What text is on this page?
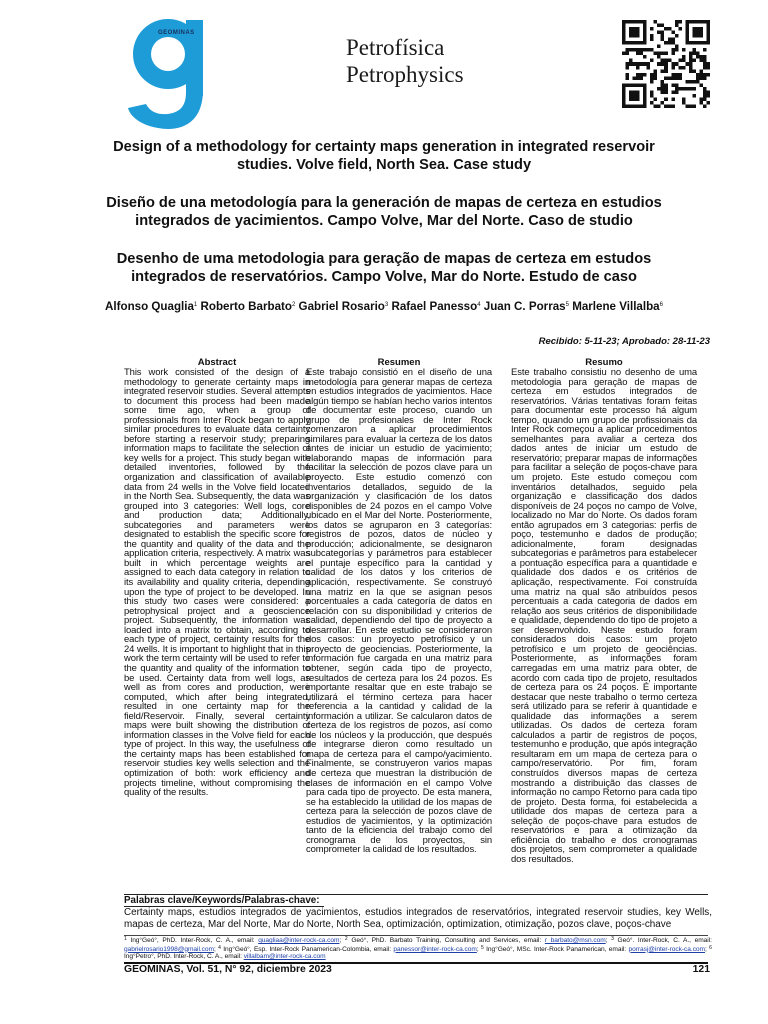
GEOMINAS
Petrofísica
Petrophysics
Design of a methodology for certainty maps generation in integrated reservoir studies. Volve field, North Sea. Case study
Diseño de una metodología para la generación de mapas de certeza en estudios integrados de yacimientos. Campo Volve, Mar del Norte. Caso de studio
Desenho de uma metodologia para geração de mapas de certeza em estudos integrados de reservatórios. Campo Volve, Mar do Norte. Estudo de caso
Alfonso Quaglia$^1$ Roberto Barbato$^2$ Gabriel Rosario$^3$ Rafael Panesso$^4$ Juan C. Porras$^5$ Marlene Villalba$^6$
Recibido: 5-11-23; Aprobado: 28-11-23
Abstract

This work consisted of the design of a methodology to generate certainty maps in integrated reservoir studies. Several attempts to document this process had been made some time ago, when a group of professionals from Inter Rock began to apply similar procedures to evaluate data certainty before starting a reservoir study; preparing information maps to facilitate the selection of key wells for a project. This study began with detailed inventories, followed by the organization and classification of available data from 24 wells in the Volve field located in the North Sea. Subsequently, the data was grouped into 3 categories: Well logs, core and production data; Additionally, subcategories and parameters were designated to establish the specific score for the quantity and quality of the data and the application criteria, respectively. A matrix was built in which percentage weights are assigned to each data category in relation to its availability and quality criteria, depending upon the type of project to be developed. In this study two cases were considered: a petrophysical project and a geoscience project. Subsequently, the information was loaded into a matrix to obtain, according to each type of project, certainty results for the 24 wells. It is important to highlight that in this work the term certainty will be used to refer to the quantity and quality of the information to be used. Certainty data from well logs, as well as from cores and production, were computed, which after being integrated, resulted in one certainty map for the field/Reservoir. Finally, several certainty maps were built showing the distribution of information classes in the Volve field for each type of project. In this way, the usefulness of the certainty maps has been established for reservoir studies key wells selection and the optimization of both: work efficiency and projects timeline, without compromising the quality of the results.

Resumen

Este trabajo consistió en el diseño de una metodología para generar mapas de certeza en estudios integrados de yacimientos. Hace algún tiempo se habían hecho varios intentos de documentar este proceso, cuando un grupo de profesionales de Inter Rock comenzaron a aplicar procedimientos similares para evaluar la certeza de los datos antes de iniciar un estudio de yacimiento; elaborando mapas de información para facilitar la selección de pozos clave para un proyecto. Este estudio comenzó con inventarios detallados, seguido de la organización y clasificación de los datos disponibles de 24 pozos en el campo Volve ubicado en el Mar del Norte. Posteriormente, los datos se agruparon en 3 categorías: registros de pozos, datos de núcleo y producción; adicionalmente, se designaron subcategorías y parámetros para establecer el puntaje específico para la cantidad y calidad de los datos y los criterios de aplicación, respectivamente. Se construyó una matriz en la que se asignan pesos porcentuales a cada categoría de datos en relación con su disponibilidad y criterios de calidad, dependiendo del tipo de proyecto a desarrollar. En este estudio se consideraron dos casos: un proyecto petrofísico y un proyecto de geociencias. Posteriormente, la información fue cargada en una matriz para obtener, según cada tipo de proyecto, resultados de certeza para los 24 pozos. Es importante resaltar que en este trabajo se utilizará el término certeza para hacer referencia a la cantidad y calidad de la información a utilizar. Se calcularon datos de certeza de los registros de pozos, así como de los núcleos y la producción, que después de integrarse dieron como resultado un mapa de certeza para el campo/yacimiento. Finalmente, se construyeron varios mapas de certeza que muestran la distribución de clases de información en el campo Volve para cada tipo de proyecto. De esta manera, se ha establecido la utilidad de los mapas de certeza para la selección de pozos clave de estudios de yacimientos, y la optimización tanto de la eficiencia del trabajo como del cronograma de los proyectos, sin comprometer la calidad de los resultados.

Resumo

Este trabalho consistiu no desenho de uma metodologia para geração de mapas de certeza em estudos integrados de reservatórios. Várias tentativas foram feitas para documentar este processo há algum tempo, quando um grupo de profissionais da Inter Rock começou a aplicar procedimentos semelhantes para avaliar a certeza dos dados antes de iniciar um estudo de reservatório; preparar mapas de informações para facilitar a seleção de poços-chave para um projeto. Este estudo começou com inventários detalhados, seguido pela organização e classificação dos dados disponíveis de 24 poços no campo de Volve, localizado no Mar do Norte. Os dados foram então agrupados em 3 categorias: perfis de poço, testemunho e dados de produção; adicionalmente, foram designadas subcategorias e parâmetros para estabelecer a pontuação específica para a quantidade e qualidade dos dados e os critérios de aplicação, respectivamente. Foi construída uma matriz na qual são atribuídos pesos percentuais a cada categoria de dados em relação aos seus critérios de disponibilidade e qualidade, dependendo do tipo de projeto a ser desenvolvido. Neste estudo foram considerados dois casos: um projeto petrofísico e um projeto de geociências. Posteriormente, as informações foram carregadas em uma matriz para obter, de acordo com cada tipo de projeto, resultados de certeza para os 24 poços. É importante destacar que neste trabalho o termo certeza será utilizado para se referir à quantidade e qualidade das informações a serem utilizadas. Os dados de certeza foram calculados a partir de registros de poços, testemunho e produção, que após integração resultaram em um mapa de certeza para o campo/reservatório. Por fim, foram construídos diversos mapas de certeza mostrando a distribuição das classes de informação no campo Retorno para cada tipo de projeto. Desta forma, foi estabelecida a utilidade dos mapas de certeza para a seleção de poços-chave para estudos de reservatórios e para a otimização da eficiência do trabalho e dos cronogramas dos projetos, sem comprometer a qualidade dos resultados.

Palabras clave/Keywords/Palabras-chave:
Certainty maps, estudios integrados de yacimientos, estudios integrados de reservatórios, integrated reservoir studies, key Wells, mapas de certeza, Mar del Norte, Mar do Norte, North Sea, optimización, optimization, otimização, pozos clave, poços-chave
$^1$ Ing°Geó°, PhD. Inter-Rock, C. A., email: quagliaa@inter-rock-ca.com; $^2$ Geó°, PhD. Barbato Training, Consulting and Services, email: r_barbato@msn.com; $^3$ Geó°. Inter-Rock, C. A., email: gabrielrosario1998@gmail.com; $^4$ Ing°Geó°, Esp. Inter-Rock Panamerican-Colombia, email: panessor@inter-rock-ca.com; $^5$ Ing°Geó°, MSc. Inter-Rock Panamerican, email: porrasj@inter-rock-ca.com; $^6$ Ing°Petro°, PhD. Inter-Rock, C. A., email: villalbam@inter-rock-ca.com
GEOMINAS, Vol. 51, N° 92, diciembre 2023	121
